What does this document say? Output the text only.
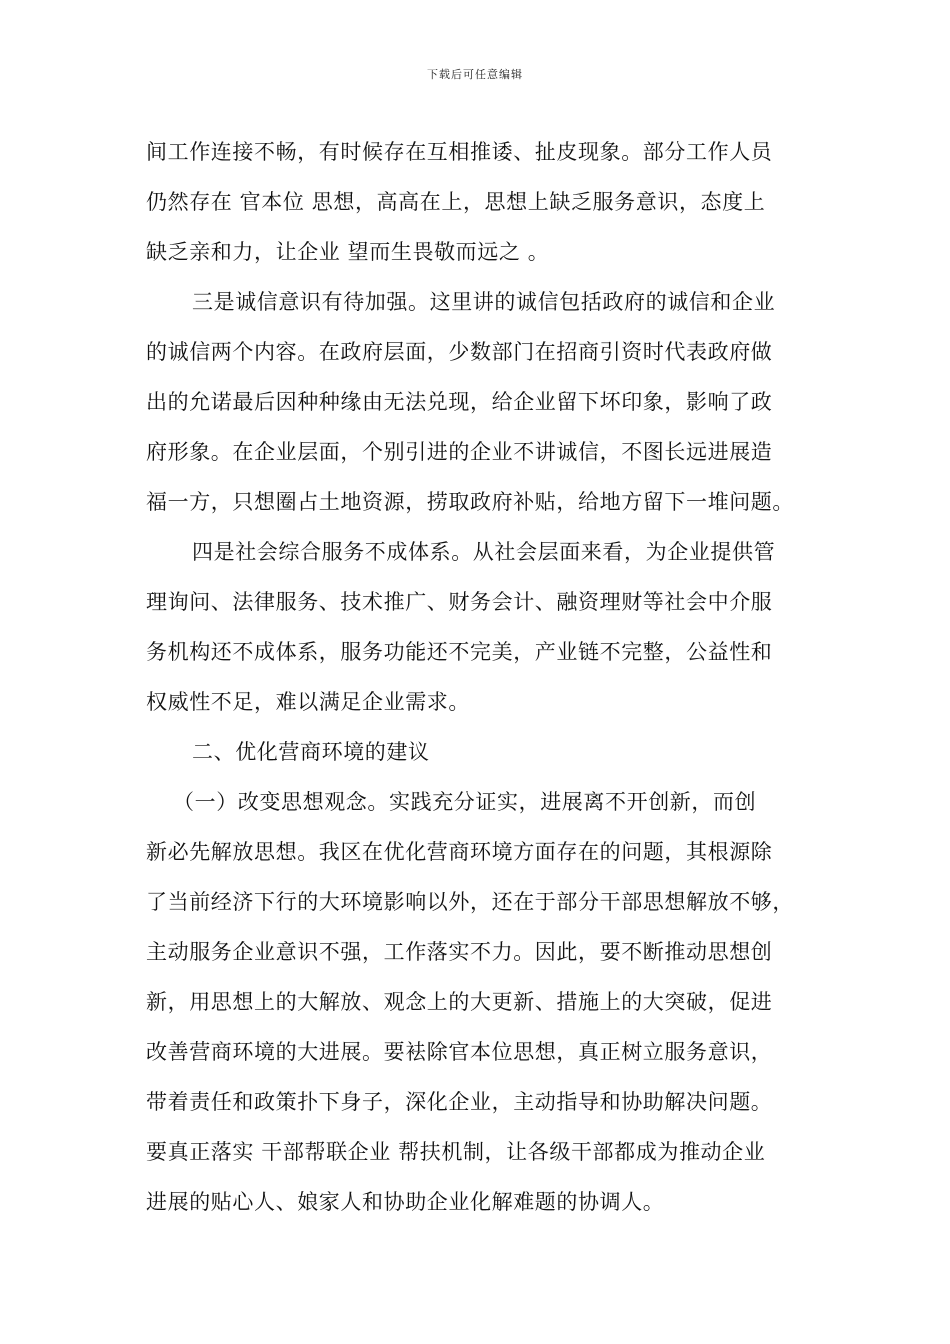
下载后可任意编辑
间工作连接不畅，有时候存在互相推诿、扯皮现象。部分工作人员
仍然存在 官本位 思想，高高在上，思想上缺乏服务意识，态度上
缺乏亲和力，让企业 望而生畏敬而远之 。
三是诚信意识有待加强。这里讲的诚信包括政府的诚信和企业
的诚信两个内容。在政府层面，少数部门在招商引资时代表政府做
出的允诺最后因种种缘由无法兑现，给企业留下坏印象，影响了政
府形象。在企业层面，个别引进的企业不讲诚信，不图长远进展造
福一方，只想圈占土地资源，捞取政府补贴，给地方留下一堆问题。
四是社会综合服务不成体系。从社会层面来看，为企业提供管
理询问、法律服务、技术推广、财务会计、融资理财等社会中介服
务机构还不成体系，服务功能还不完美，产业链不完整，公益性和
权威性不足，难以满足企业需求。
二、优化营商环境的建议
（一）改变思想观念。实践充分证实，进展离不开创新，而创
新必先解放思想。我区在优化营商环境方面存在的问题，其根源除
了当前经济下行的大环境影响以外，还在于部分干部思想解放不够，
主动服务企业意识不强，工作落实不力。因此，要不断推动思想创
新，用思想上的大解放、观念上的大更新、措施上的大突破，促进
改善营商环境的大进展。要袪除官本位思想，真正树立服务意识，
带着责任和政策扑下身子，深化企业，主动指导和协助解决问题。
要真正落实 干部帮联企业 帮扶机制，让各级干部都成为推动企业
进展的贴心人、娘家人和协助企业化解难题的协调人。
